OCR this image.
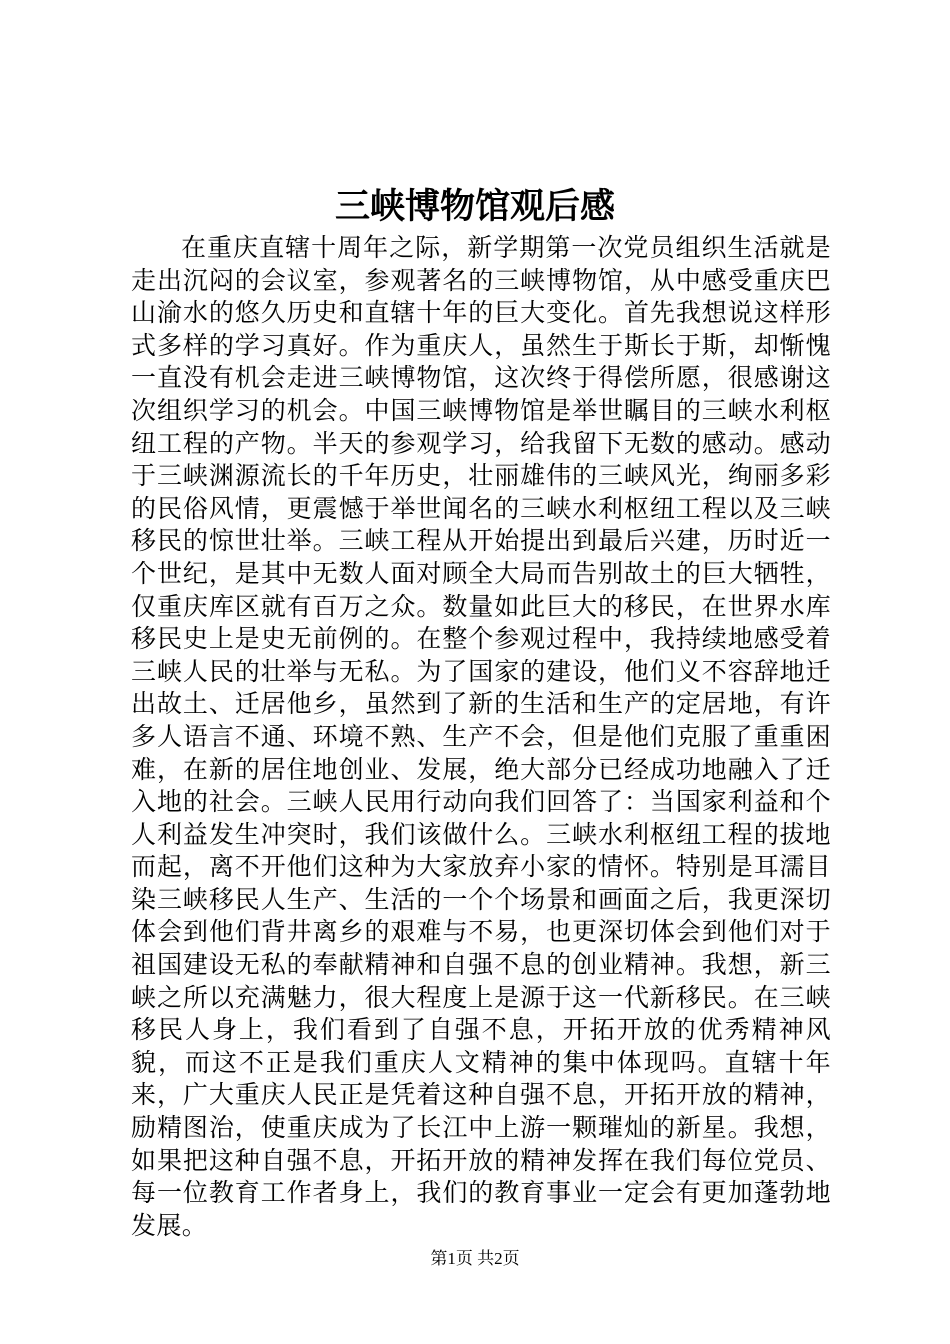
三峡博物馆观后感

在重庆直辖十周年之际，新学期第一次党员组织生活就是走出沉闷的会议室，参观著名的三峡博物馆，从中感受重庆巴山渝水的悠久历史和直辖十年的巨大变化。首先我想说这样形式多样的学习真好。作为重庆人，虽然生于斯长于斯，却惭愧一直没有机会走进三峡博物馆，这次终于得偿所愿，很感谢这次组织学习的机会。中国三峡博物馆是举世瞩目的三峡水利枢纽工程的产物。半天的参观学习，给我留下无数的感动。感动于三峡渊源流长的千年历史，壮丽雄伟的三峡风光，绚丽多彩的民俗风情，更震憾于举世闻名的三峡水利枢纽工程以及三峡移民的惊世壮举。三峡工程从开始提出到最后兴建，历时近一个世纪，是其中无数人面对顾全大局而告别故土的巨大牺牲，仅重庆库区就有百万之众。数量如此巨大的移民，在世界水库移民史上是史无前例的。在整个参观过程中，我持续地感受着三峡人民的壮举与无私。为了国家的建设，他们义不容辞地迁出故土、迁居他乡，虽然到了新的生活和生产的定居地，有许多人语言不通、环境不熟、生产不会，但是他们克服了重重困难，在新的居住地创业、发展，绝大部分已经成功地融入了迁入地的社会。三峡人民用行动向我们回答了：当国家利益和个人利益发生冲突时，我们该做什么。三峡水利枢纽工程的拔地而起，离不开他们这种为大家放弃小家的情怀。特别是耳濡目染三峡移民人生产、生活的一个个场景和画面之后，我更深切体会到他们背井离乡的艰难与不易，也更深切体会到他们对于祖国建设无私的奉献精神和自强不息的创业精神。我想，新三峡之所以充满魅力，很大程度上是源于这一代新移民。在三峡移民人身上，我们看到了自强不息，开拓开放的优秀精神风貌，而这不正是我们重庆人文精神的集中体现吗。直辖十年来，广大重庆人民正是凭着这种自强不息，开拓开放的精神，励精图治，使重庆成为了长江中上游一颗璀灿的新星。我想，如果把这种自强不息，开拓开放的精神发挥在我们每位党员、每一位教育工作者身上，我们的教育事业一定会有更加蓬勃地发展。

第1页 共2页
